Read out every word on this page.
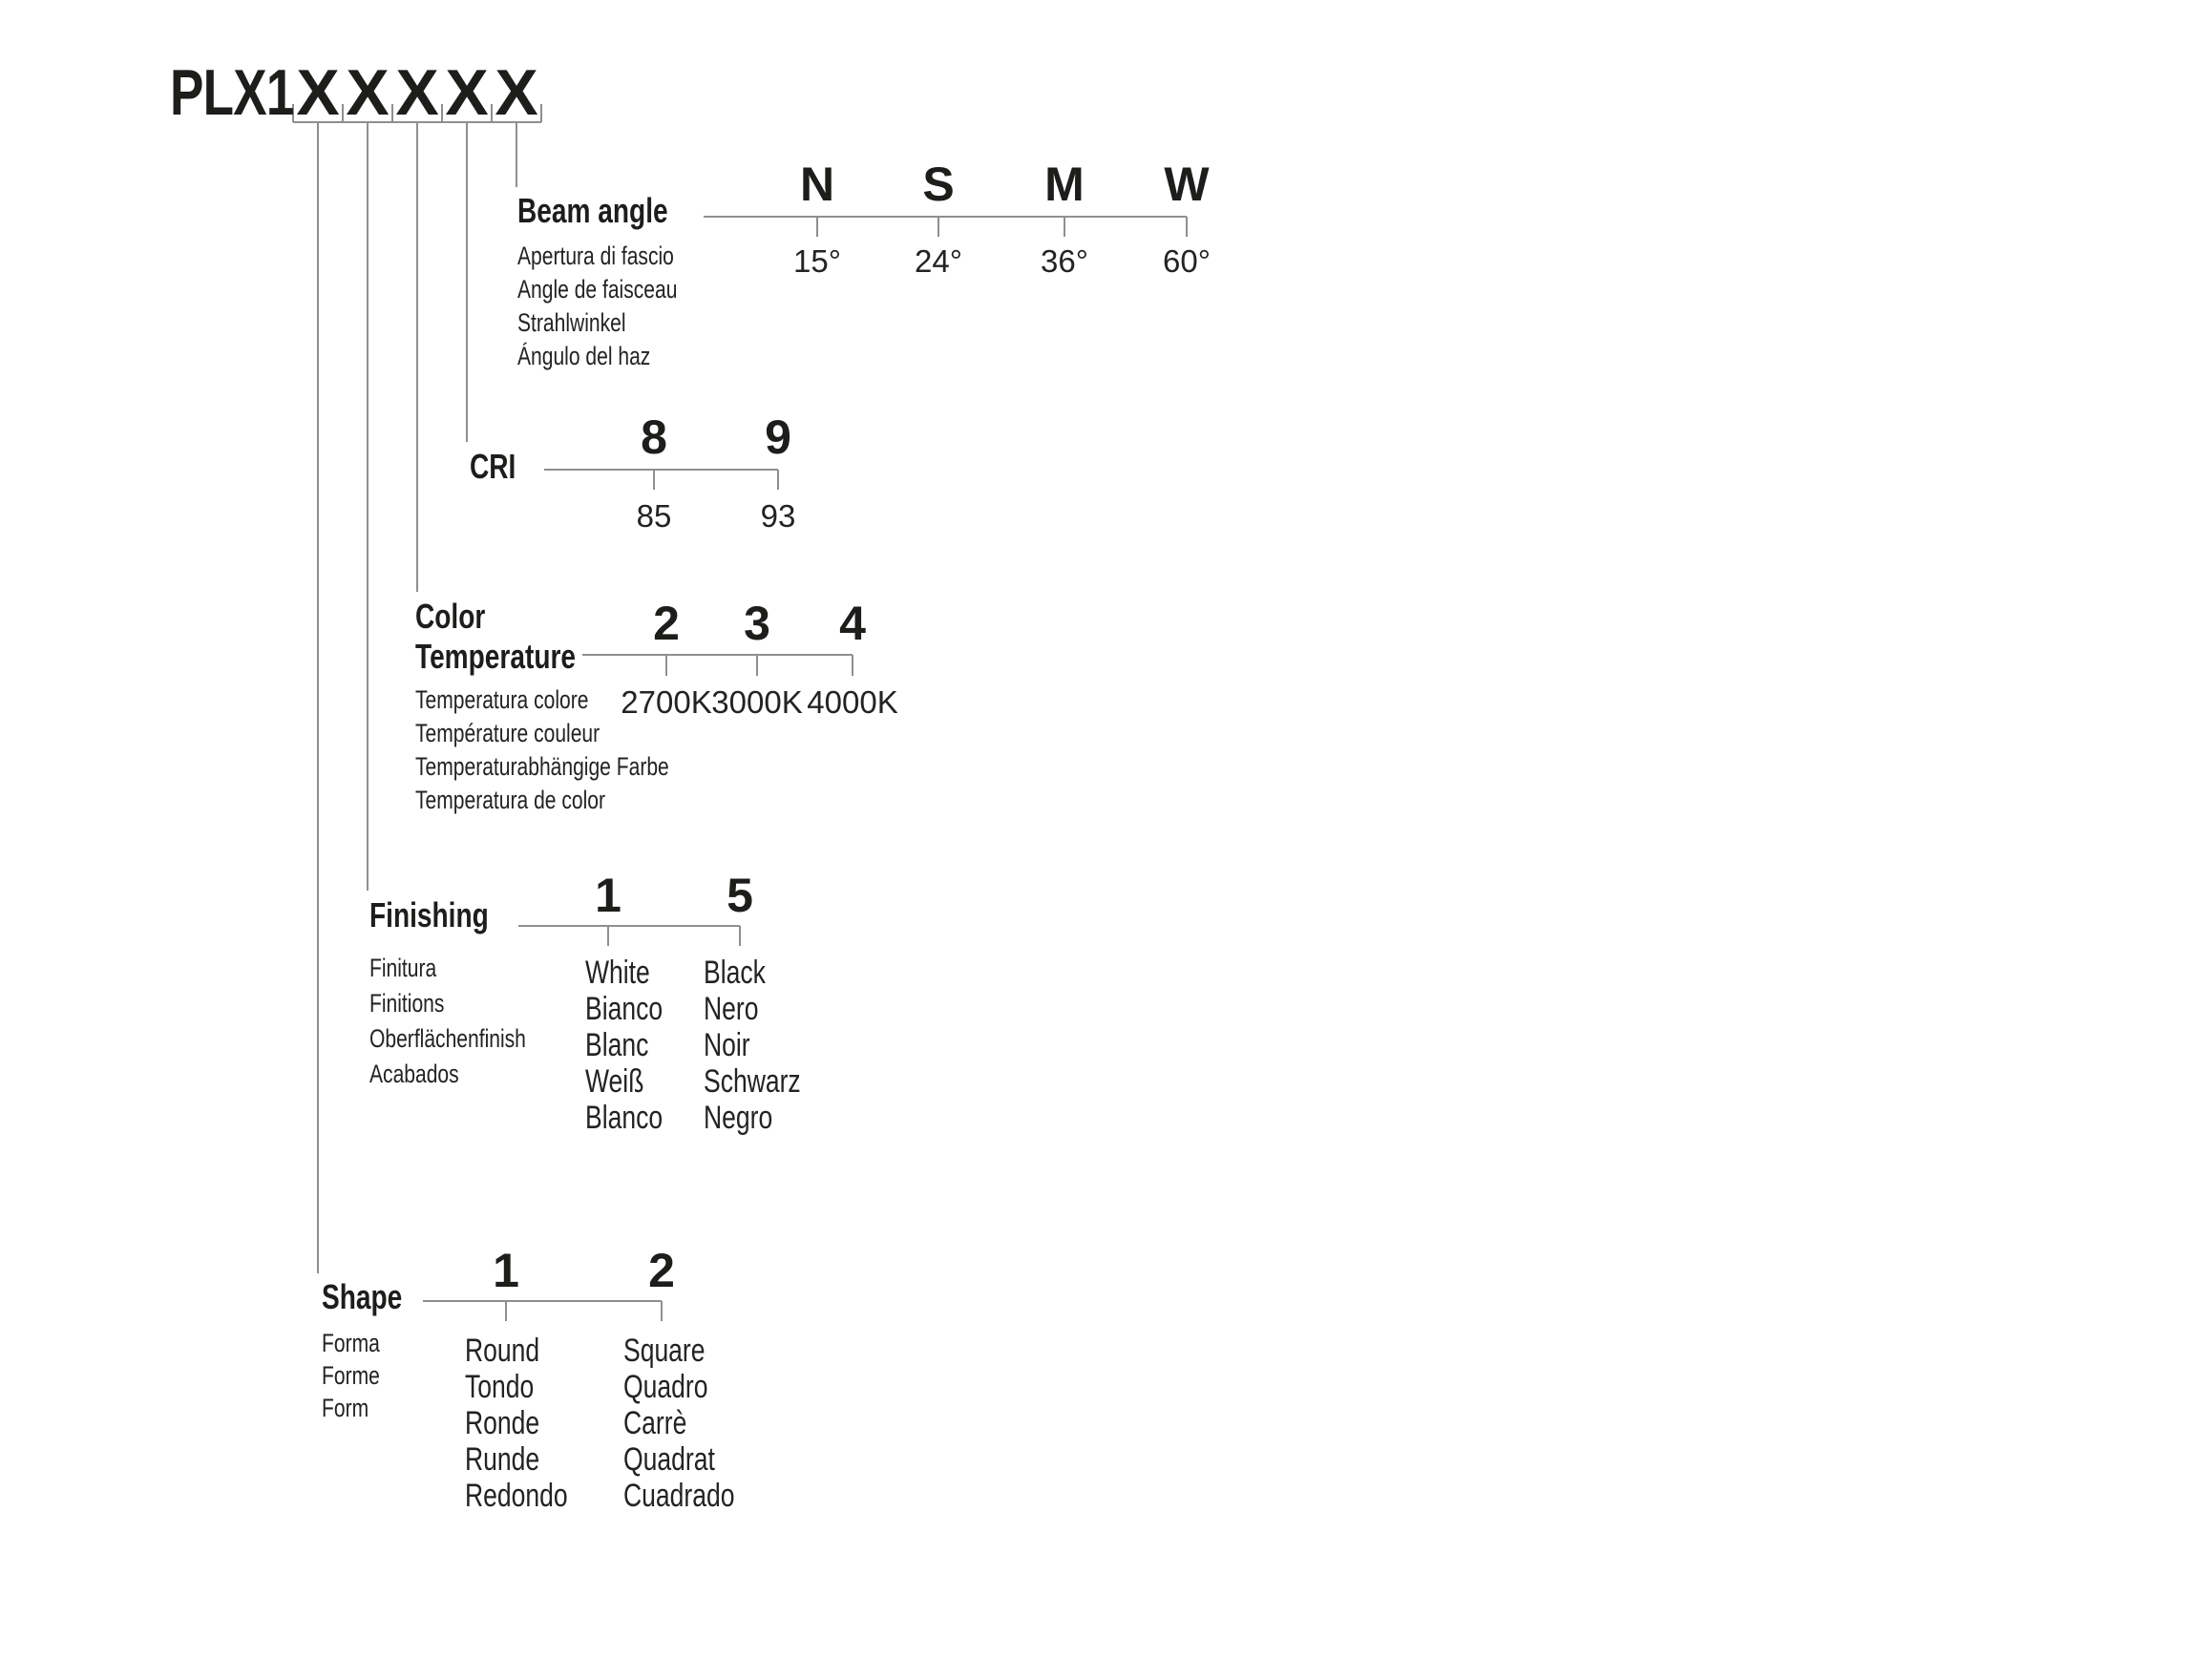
PLX1 X X X X X
Beam angle
Apertura di fascio
Angle de faisceau
Strahlwinkel
Ángulo del haz
N S M W
15° 24° 36° 60°
CRI
8 9
85	93
Color
Temperature
Temperatura colore
Température couleur
Temperaturabhängige Farbe
Temperatura de color
2 3 4
2700K 3000K 4000K
Finishing
Finitura
Finitions
Oberflächenfinish
Acabados
1 5
White
Bianco
Blanc
Weiß
Blanco
Black
Nero
Noir
Schwarz
Negro
Shape
Forma
Forme
Form
1	2
Round
Tondo
Ronde
Runde
Redondo
Square
Quadro
Carrè
Quadrat
Cuadrado
